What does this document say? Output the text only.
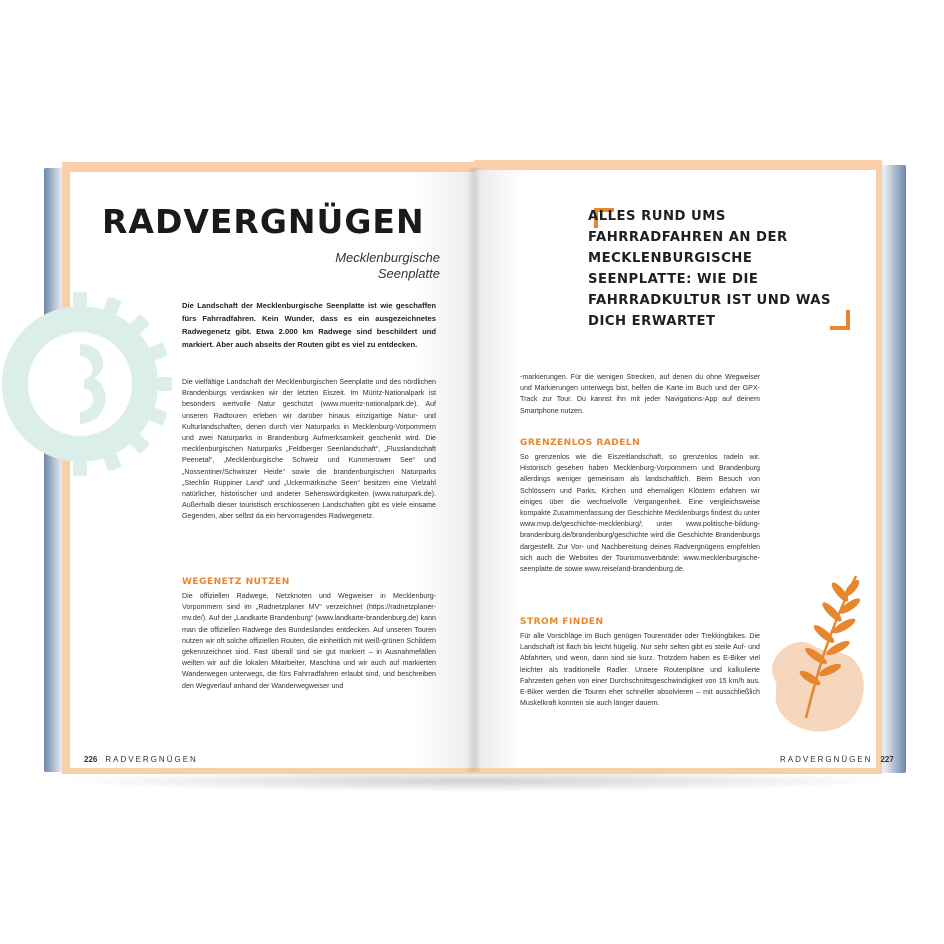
RADVERGNÜGEN
Mecklenburgische
Seenplatte
Die Landschaft der Mecklenburgische Seenplatte ist wie geschaffen fürs Fahrradfahren. Kein Wunder, dass es ein ausgezeichnetes Radwegenetz gibt. Etwa 2.000 km Radwege sind beschildert und markiert. Aber auch abseits der Routen gibt es viel zu entdecken.
Die vielfältige Landschaft der Mecklenburgischen Seenplatte und des nördlichen Brandenburgs verdanken wir der letzten Eiszeit. Im Müritz-Nationalpark ist besonders wertvolle Natur geschützt (www.mueritz-nationalpark.de). Auf unseren Radtouren erleben wir darüber hinaus einzigartige Natur- und Kulturlandschaften, denen durch vier Naturparks in Mecklenburg-Vorpommern und zwei Naturparks in Brandenburg Aufmerksamkeit geschenkt wird. Die mecklenburgischen Naturparks „Feldberger Seenlandschaft“, „Flusslandschaft Peenetal“, „Mecklenburgische Schweiz und Kummerower See“ und „Nossentiner/Schwinzer Heide“ sowie die brandenburgischen Naturparks „Stechlin Ruppiner Land“ und „Uckermärkische Seen“ besitzen eine Vielzahl natürlicher, historischer und anderer Sehenswürdigkeiten (www.naturpark.de). Außerhalb dieser touristisch erschlossenen Landschaften gibt es viele einsame Gegenden, aber selbst da ein hervorragendes Radwegenetz.
WEGENETZ NUTZEN
Die offiziellen Radwege, Netzknoten und Wegweiser in Mecklenburg-Vorpommern sind im „Radnetzplaner MV“ verzeichnet (https://radnetzplaner-mv.de/). Auf der „Landkarte Brandenburg“ (www.landkarte-brandenburg.de) kann man die offiziellen Radwege des Bundeslandes entdecken. Auf unseren Touren nutzen wir oft solche offiziellen Routen, die einheitlich mit weiß-grünen Schildern gekennzeichnet sind. Fast überall sind sie gut markiert – in Ausnahmefällen weilten wir auf die lokalen Mitarbeiter, Maschina und wir auch auf markierten Wanderwegen unterwegs, die fürs Fahrradfahren erlaubt sind, und beschreiben den Wegverlauf anhand der Wanderwegweiser und
226 RADVERGNÜGEN
ALLES RUND UMS FAHRRADFAHREN AN DER MECKLENBURGISCHE SEENPLATTE: WIE DIE FAHRRADKULTUR IST UND WAS DICH ERWARTET
-markierungen. Für die wenigen Strecken, auf denen du ohne Wegweiser und Markierungen unterwegs bist, helfen die Karte im Buch und der GPX-Track zur Tour. Du kannst ihn mit jeder Navigations-App auf deinem Smartphone nutzen.
GRENZENLOS RADELN
So grenzenlos wie die Eiszeitlandschaft, so grenzenlos radeln wir. Historisch gesehen haben Mecklenburg-Vorpommern und Brandenburg allerdings weniger gemeinsam als landschaftlich. Beim Besuch von Schlössern und Parks, Kirchen und ehemaligen Klöstern erfahren wir einiges über die wechselvolle Vergangenheit. Eine vergleichsweise kompakte Zusammenfassung der Geschichte Mecklenburgs findest du unter www.mvp.de/geschichte-mecklenburg/; unter www.politische-bildung-brandenburg.de/brandenburg/geschichte wird die Geschichte Brandenburgs dargestellt. Zur Vor- und Nachbereitung deines Radvergnügens empfehlen sich auch die Websites der Tourismusverbände: www.mecklenburgische-seenplatte.de sowie www.reiseland-brandenburg.de.
STROM FINDEN
Für alle Vorschläge im Buch genügen Tourenräder oder Trekkingbikes. Die Landschaft ist flach bis leicht hügelig. Nur sehr selten gibt es steile Auf- und Abfahrten, und wenn, dann sind sie kurz. Trotzdem haben es E-Biker viel leichter als traditionelle Radler. Unsere Routenpläne und kalkulierte Fahrzeiten gehen von einer Durchschnittsgeschwindigkeit von 15 km/h aus. E-Biker werden die Touren eher schneller absolvieren – mit ausschließlich Muskelkraft konnten sie auch länger dauern.
RADVERGNÜGEN 227
